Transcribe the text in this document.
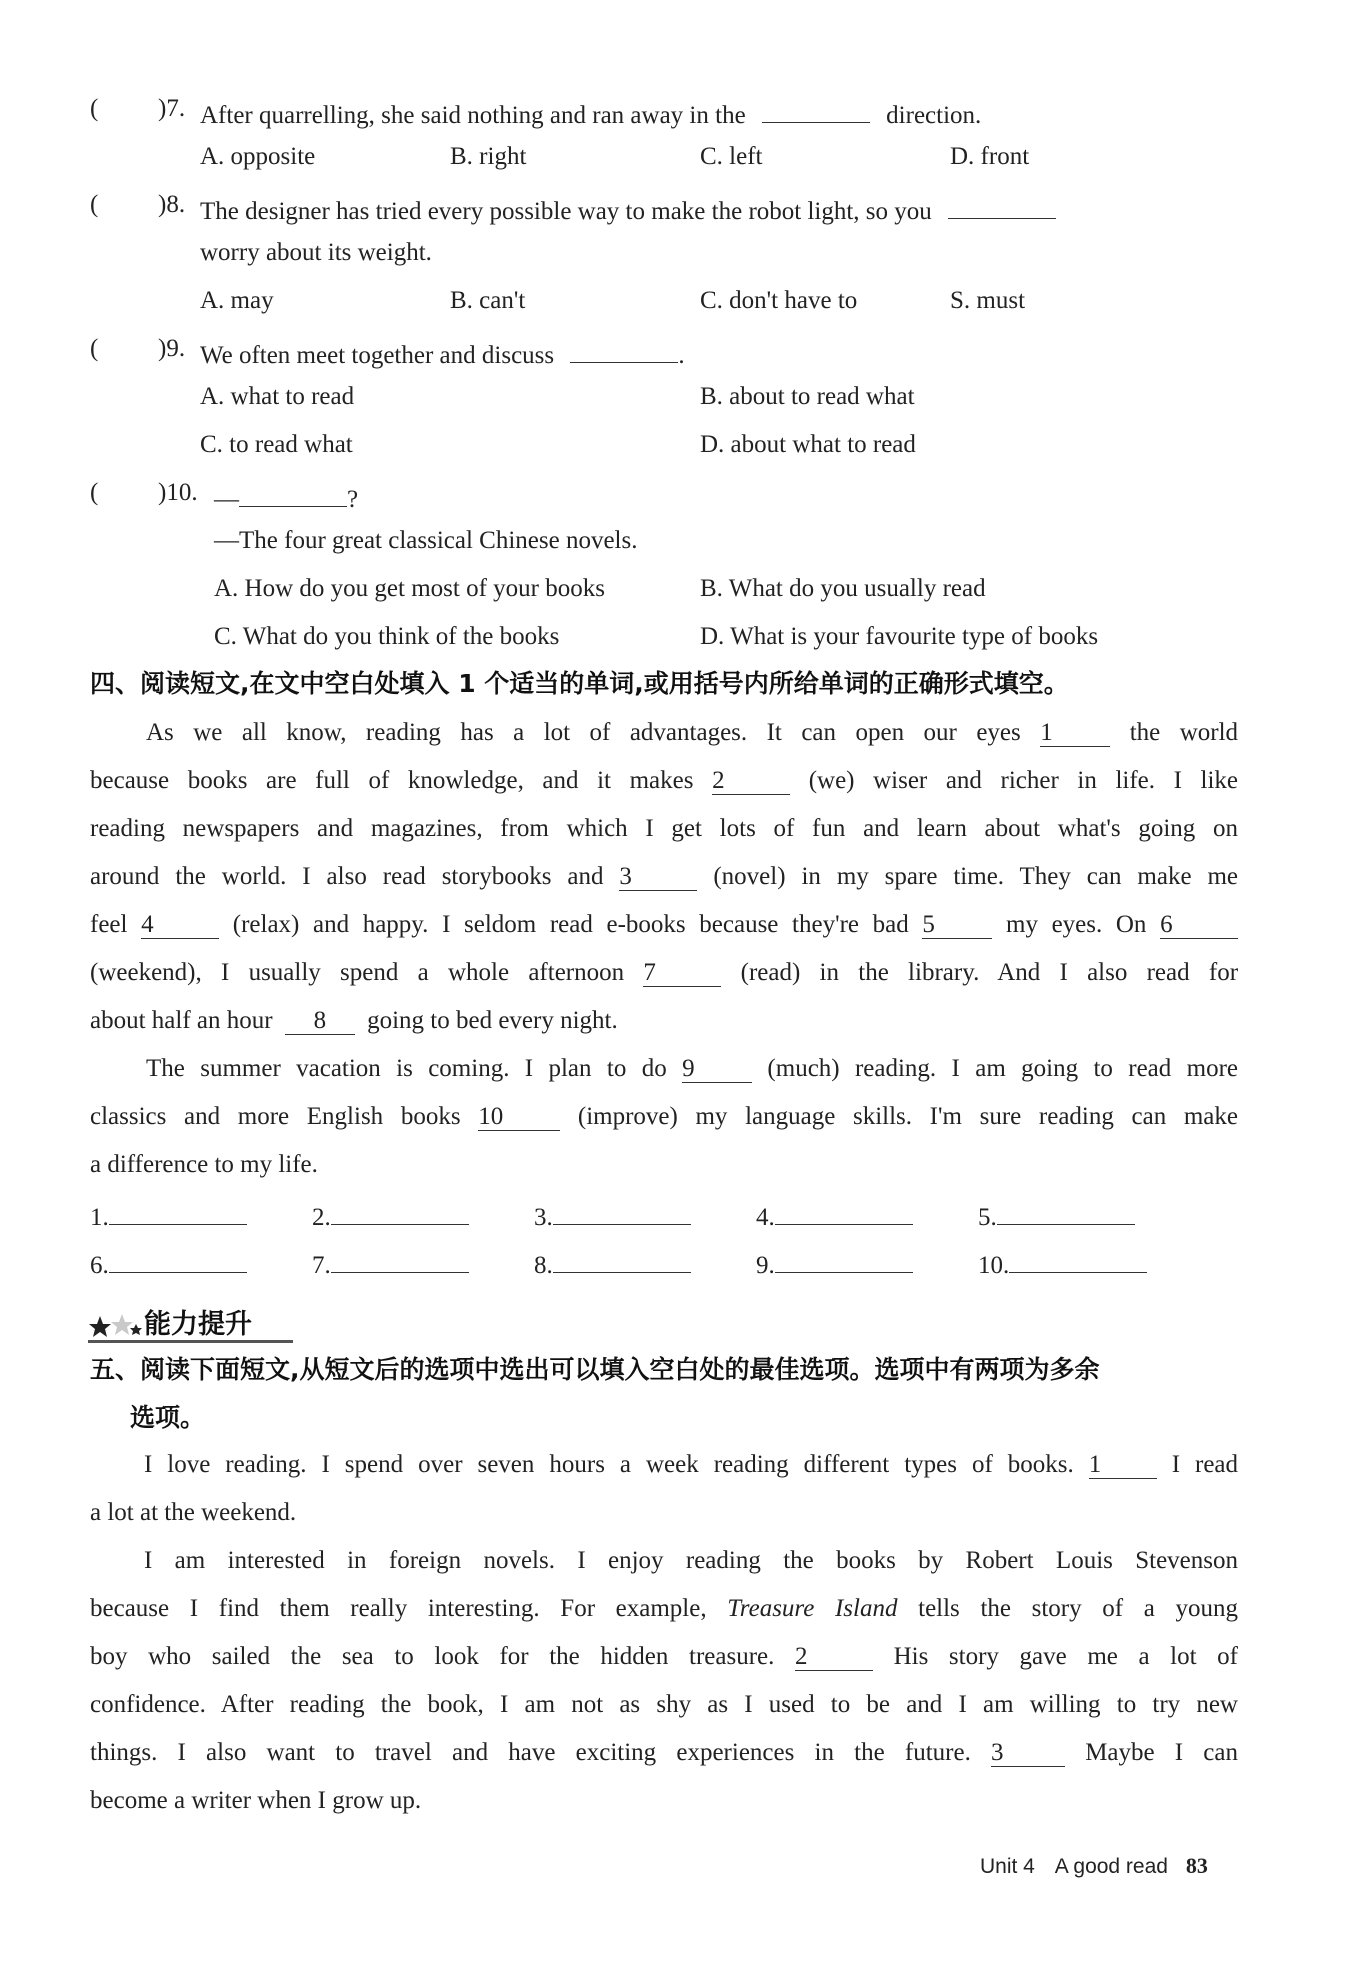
( )7. After quarrelling, she said nothing and ran away in the	direction.
A. opposite	B. right	C. left	D. front
( )8. The designer has tried every possible way to make the robot light, so you
worry about its weight.
A. may	B. can't	C. don't have to	S. must
( )9. We often meet together and discuss	.
A. what to read	B. about to read what
C. to read what	D. about what to read
( )10. —	?
—The four great classical Chinese novels.
A. How do you get most of your books	B. What do you usually read
C. What do you think of the books	D. What is your favourite type of books
四、阅读短文,在文中空白处填入 1 个适当的单词,或用括号内所给单词的正确形式填空。
As we all know, reading has a lot of advantages. It can open our eyes 1	the world
because books are full of knowledge, and it makes 2	(we) wiser and richer in life. I like
reading newspapers and magazines, from which I get lots of fun and learn about what's going on
around the world. I also read storybooks and 3	(novel) in my spare time. They can make me
feel 4	(relax) and happy. I seldom read e-books because they're bad 5	my eyes. On 6
(weekend), I usually spend a whole afternoon 7	(read) in the library. And I also read for
about half an hour 8 going to bed every night.
The summer vacation is coming. I plan to do 9	(much) reading. I am going to read more
classics and more English books 10	(improve) my language skills. I'm sure reading can make
a difference to my life.
1.	2.	3.	4.	5.
6.	7.	8.	9.	10.
能力提升
五、阅读下面短文,从短文后的选项中选出可以填入空白处的最佳选项。选项中有两项为多余
选项。
I love reading. I spend over seven hours a week reading different types of books. 1	I read
a lot at the weekend.
I am interested in foreign novels. I enjoy reading the books by Robert Louis Stevenson
because I find them really interesting. For example, Treasure Island tells the story of a young
boy who sailed the sea to look for the hidden treasure. 2	His story gave me a lot of
confidence. After reading the book, I am not as shy as I used to be and I am willing to try new
things. I also want to travel and have exciting experiences in the future. 3	Maybe I can
become a writer when I grow up.
Unit 4 A good read 83
